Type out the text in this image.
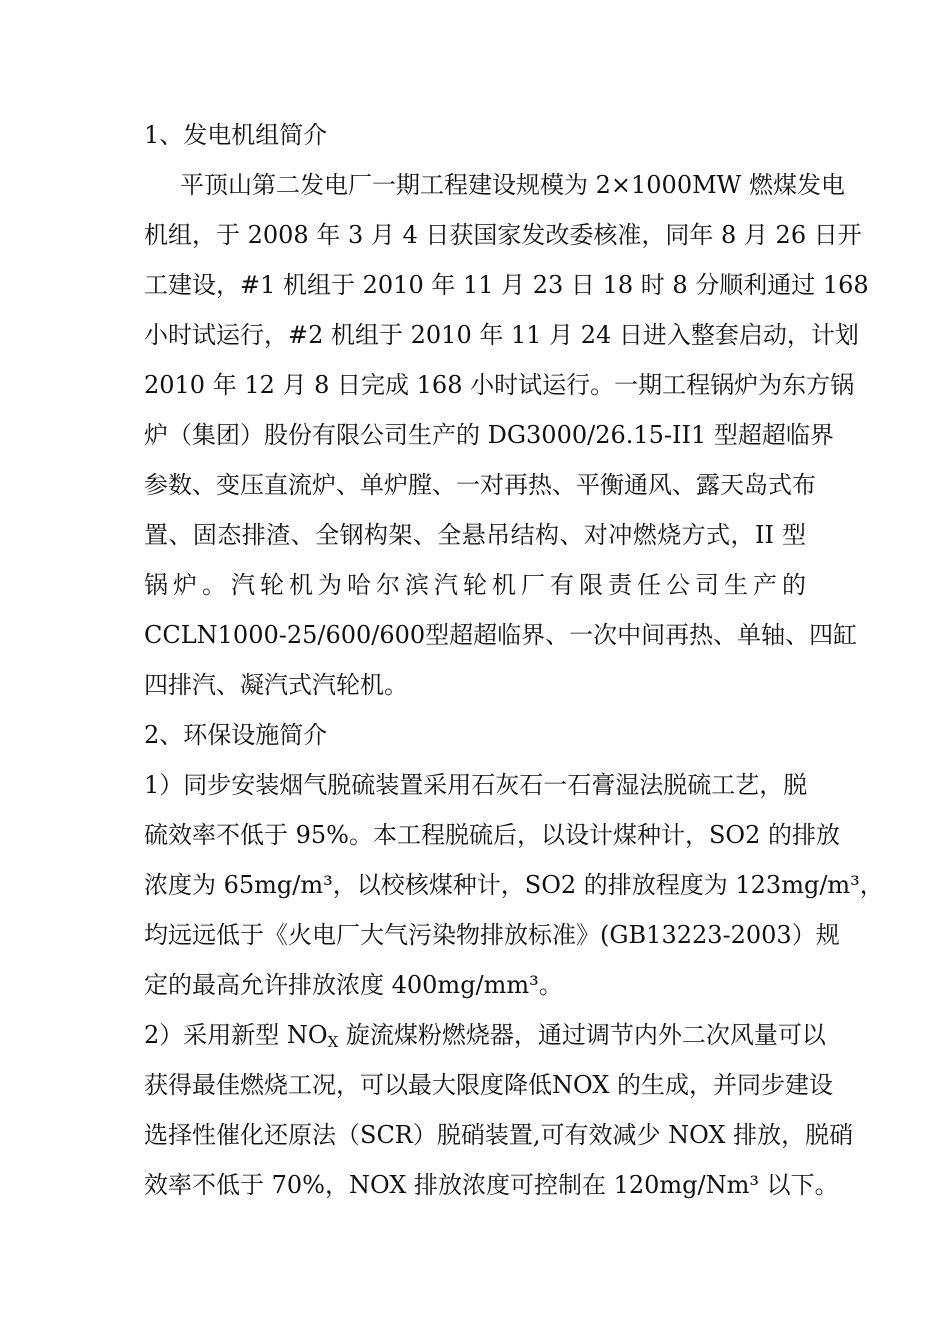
1、发电机组简介
平顶山第二发电厂一期工程建设规模为 2×1000MW 燃煤发电
机组，于 2008 年 3 月 4 日获国家发改委核准，同年 8 月 26 日开
工建设，#1 机组于 2010 年 11 月 23 日 18 时 8 分顺利通过 168
小时试运行，#2 机组于 2010 年 11 月 24 日进入整套启动，计划
2010 年 12 月 8 日完成 168 小时试运行。一期工程锅炉为东方锅
炉（集团）股份有限公司生产的 DG3000/26.15-II1 型超超临界
参数、变压直流炉、单炉膛、一对再热、平衡通风、露天岛式布
置、固态排渣、全钢构架、全悬吊结构、对冲燃烧方式，II 型
锅炉。汽轮机为哈尔滨汽轮机厂有限责任公司生产的
CCLN1000-25/600/600型超超临界、一次中间再热、单轴、四缸
四排汽、凝汽式汽轮机。
2、环保设施简介
1）同步安装烟气脱硫装置采用石灰石一石膏湿法脱硫工艺，脱
硫效率不低于 95%。本工程脱硫后，以设计煤种计，SO2 的排放
浓度为 65mg/m³，以校核煤种计，SO2 的排放程度为 123mg/m³，
均远远低于《火电厂大气污染物排放标准》(GB13223-2003）规
定的最高允许排放浓度 400mg/mm³。
2）采用新型 $NO_X$ 旋流煤粉燃烧器，通过调节内外二次风量可以
获得最佳燃烧工况，可以最大限度降低NOX 的生成，并同步建设
选择性催化还原法（SCR）脱硝装置,可有效减少 NOX 排放，脱硝
效率不低于 70%，NOX 排放浓度可控制在 120mg/Nm³ 以下。
